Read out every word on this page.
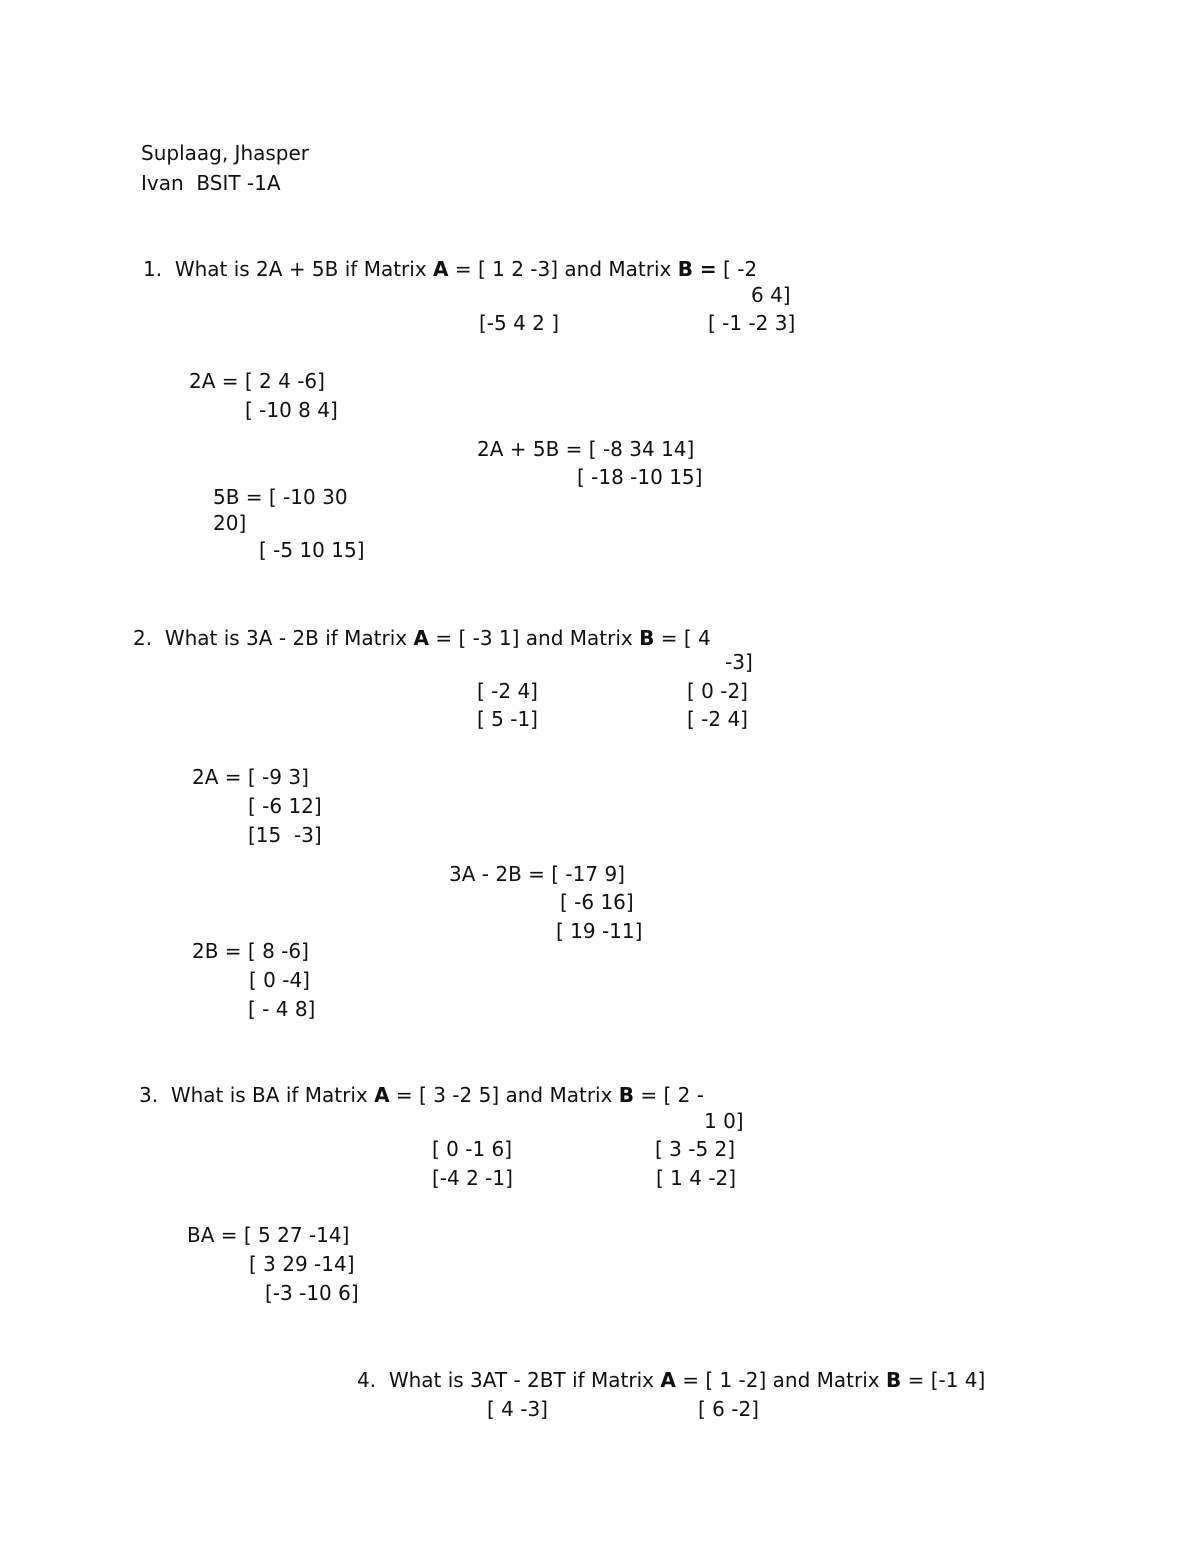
Suplaag, Jhasper
Ivan  BSIT -1A
1. What is 2A + 5B if Matrix A = [ 1 2 -3] and Matrix B = [ -2
6 4]
[-5 4 2 ]	[ -1 -2 3]
2A = [ 2 4 -6]
[ -10 8 4]
2A + 5B = [ -8 34 14]
[ -18 -10 15]
5B = [ -10 30
20]
[ -5 10 15]
2. What is 3A - 2B if Matrix A = [ -3 1] and Matrix B = [ 4
-3]
[ -2 4]
[ 5 -1]
[ 0 -2]
[ -2 4]
2A = [ -9 3]
[ -6 12]
[15  -3]
3A - 2B = [ -17 9]
[ -6 16]
[ 19 -11]
2B = [ 8 -6]
[ 0 -4]
[ - 4 8]
3. What is BA if Matrix A = [ 3 -2 5] and Matrix B = [ 2 -
1 0]
[ 0 -1 6]
[-4 2 -1]
[ 3 -5 2]
[ 1 4 -2]
BA = [ 5 27 -14]
[ 3 29 -14]
[-3 -10 6]
4. What is 3AT - 2BT if Matrix A = [ 1 -2] and Matrix B = [-1 4]
[ 4 -3]	[ 6 -2]
